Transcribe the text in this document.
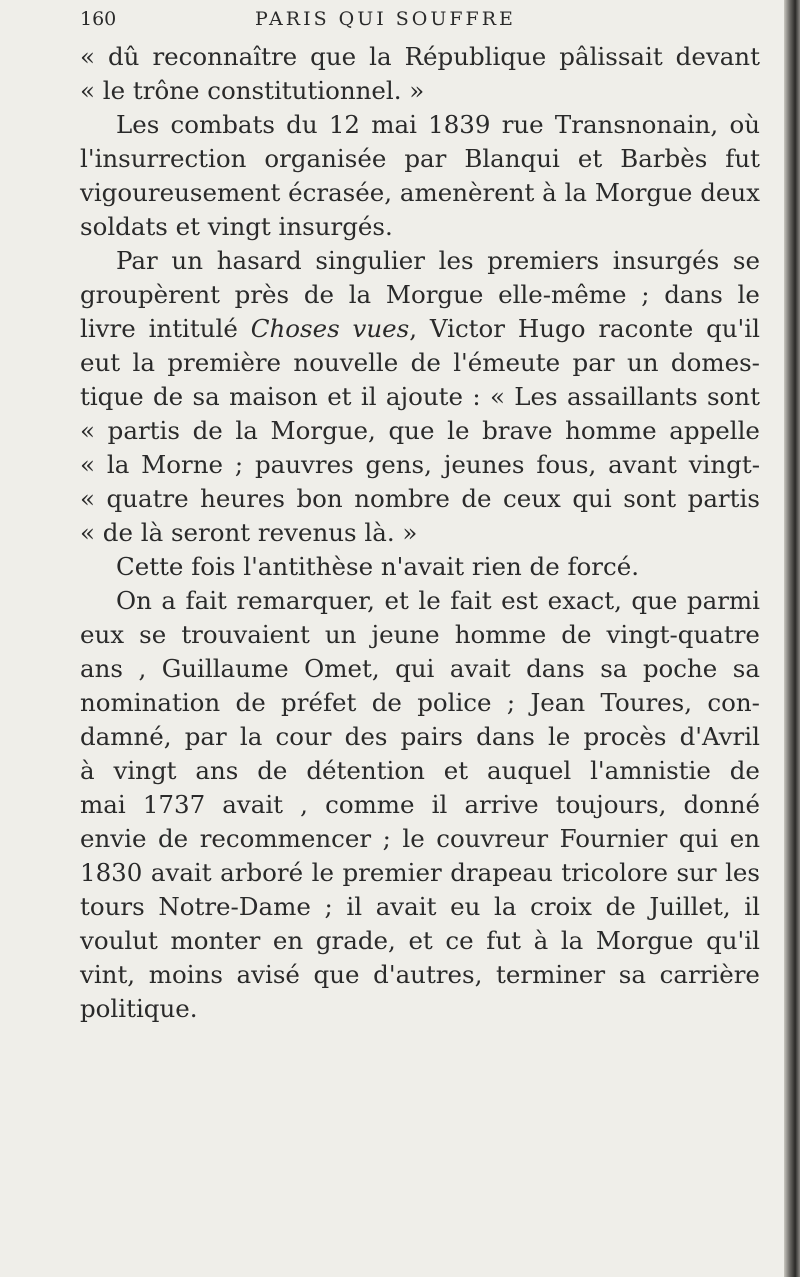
160	PARIS QUI SOUFFRE
« dû reconnaître que la République pâlissait devant
« le trône constitutionnel. »
Les combats du 12 mai 1839 rue Transnonain, où
l'insurrection organisée par Blanqui et Barbès fut
vigoureusement écrasée, amenèrent à la Morgue deux
soldats et vingt insurgés.
Par un hasard singulier les premiers insurgés se
groupèrent près de la Morgue elle-même ; dans le
livre intitulé Choses vues, Victor Hugo raconte qu'il
eut la première nouvelle de l'émeute par un domes-
tique de sa maison et il ajoute : « Les assaillants sont
« partis de la Morgue, que le brave homme appelle
« la Morne ; pauvres gens, jeunes fous, avant vingt-
« quatre heures bon nombre de ceux qui sont partis
« de là seront revenus là. »
Cette fois l'antithèse n'avait rien de forcé.
On a fait remarquer, et le fait est exact, que parmi
eux se trouvaient un jeune homme de vingt-quatre
ans , Guillaume Omet, qui avait dans sa poche sa
nomination de préfet de police ; Jean Toures, con-
damné, par la cour des pairs dans le procès d'Avril
à vingt ans de détention et auquel l'amnistie de
mai 1737 avait , comme il arrive toujours, donné
envie de recommencer ; le couvreur Fournier qui en
1830 avait arboré le premier drapeau tricolore sur les
tours Notre-Dame ; il avait eu la croix de Juillet, il
voulut monter en grade, et ce fut à la Morgue qu'il
vint, moins avisé que d'autres, terminer sa carrière
politique.
